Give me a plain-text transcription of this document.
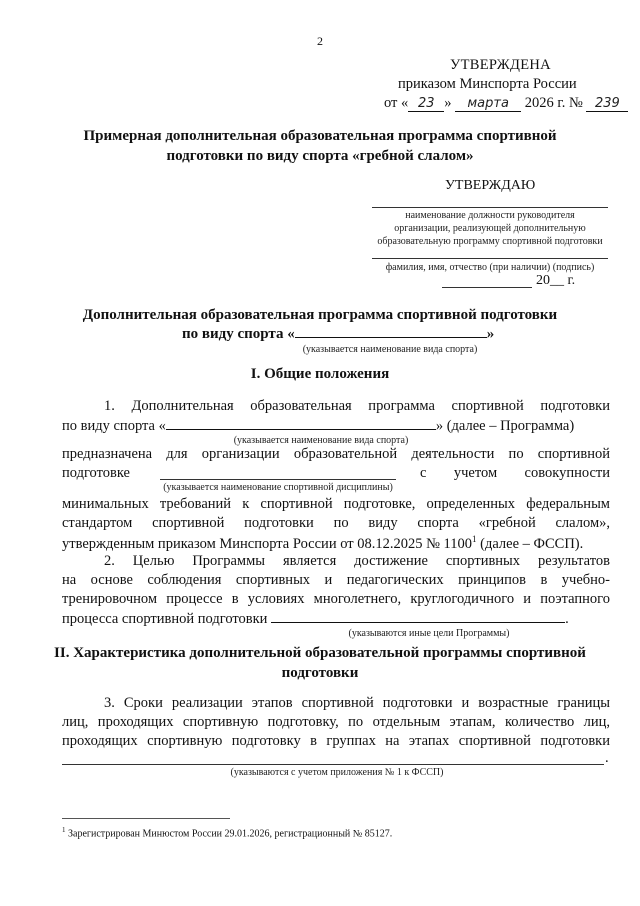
2
УТВЕРЖДЕНА
приказом Минспорта России
от « 23 » марта 2026 г. № 239
Примерная дополнительная образовательная программа спортивной
подготовки по виду спорта «гребной слалом»
УТВЕРЖДАЮ
наименование должности руководителя
организации, реализующей дополнительную
образовательную программу спортивной подготовки
фамилия, имя, отчество (при наличии) (подпись)
20__ г.
Дополнительная образовательная программа спортивной подготовки
по виду спорта «	»
(указывается наименование вида спорта)
I. Общие положения
1. Дополнительная образовательная программа спортивной подготовки
по виду спорта «	» (далее – Программа)
(указывается наименование вида спорта)
предназначена для организации образовательной деятельности по спортивной
подготовке	с учетом совокупности
(указывается наименование спортивной дисциплины)
минимальных требований к спортивной подготовке, определенных федеральным
стандартом спортивной подготовки по виду спорта «гребной слалом»,
утвержденным приказом Минспорта России от 08.12.2025 № 1100$^1$ (далее – ФССП).
2. Целью Программы является достижение спортивных результатов
на основе соблюдения спортивных и педагогических принципов в учебно-
тренировочном процессе в условиях многолетнего, круглогодичного и поэтапного
процесса спортивной подготовки	.
(указываются иные цели Программы)
II. Характеристика дополнительной образовательной программы спортивной
подготовки
3. Сроки реализации этапов спортивной подготовки и возрастные границы
лиц, проходящих спортивную подготовку, по отдельным этапам, количество лиц,
проходящих спортивную подготовку в группах на этапах спортивной подготовки
.
(указываются с учетом приложения № 1 к ФССП)
$^1$ Зарегистрирован Минюстом России 29.01.2026, регистрационный № 85127.
